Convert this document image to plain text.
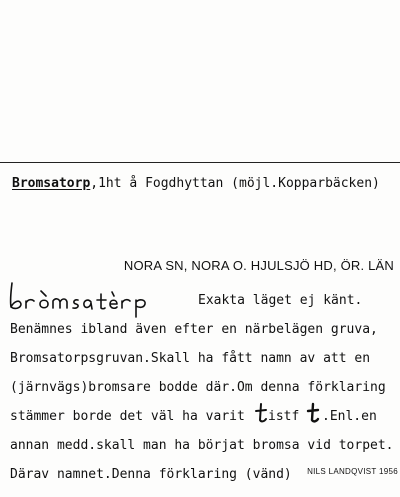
Bromsatorp,1ht å Fogdhyttan (möjl.Kopparbäcken)
NORA SN, NORA O. HJULSJÖ HD, ÖR. LÄN
Exakta läget ej känt.
Benämnes ibland även efter en närbelägen gruva,
Bromsatorpsgruvan.Skall ha fått namn av att en
(järnvägs)bromsare bodde där.Om denna förklaring
stämmer borde det väl ha varit istf .Enl.en
annan medd.skall man ha börjat bromsa vid torpet.
Därav namnet.Denna förklaring (vänd) NILS LANDQVIST 1956
